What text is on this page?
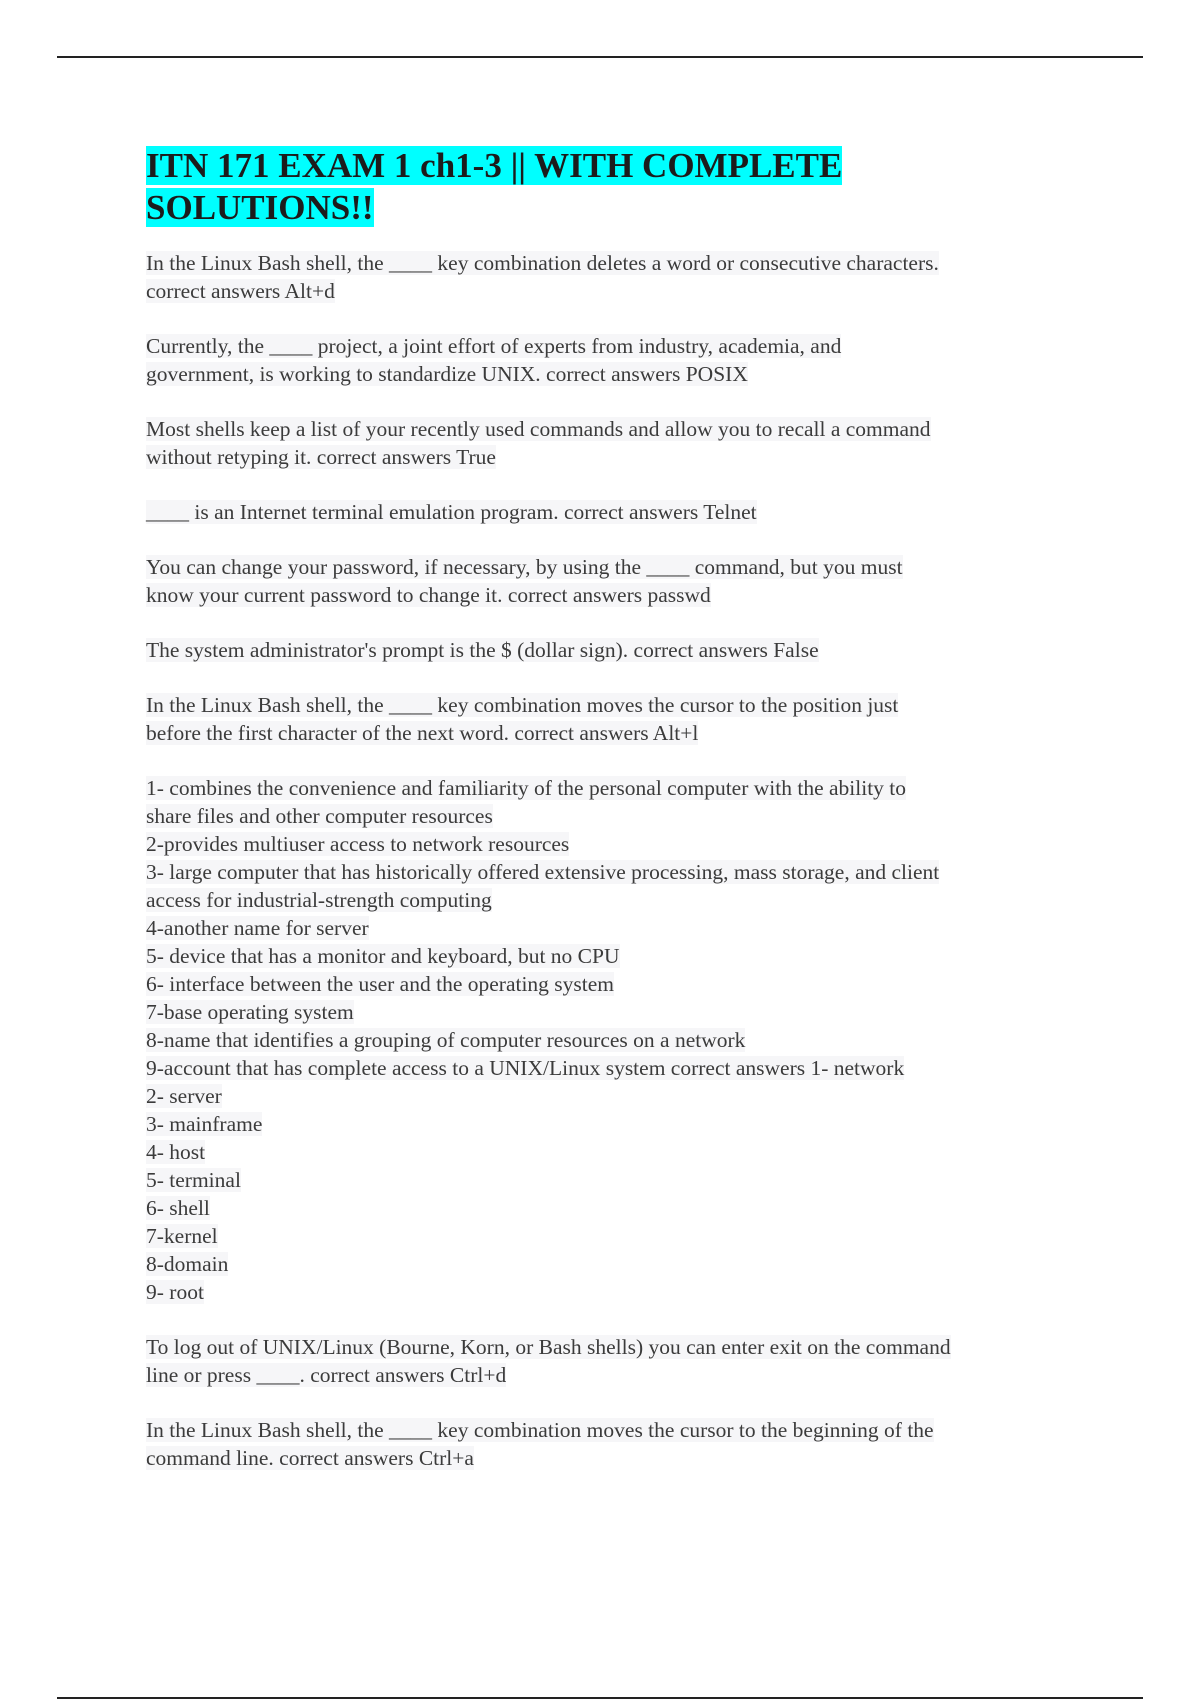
ITN 171 EXAM 1 ch1-3 || WITH COMPLETE
SOLUTIONS!!
In the Linux Bash shell, the ____ key combination deletes a word or consecutive characters.
correct answers Alt+d
Currently, the ____ project, a joint effort of experts from industry, academia, and
government, is working to standardize UNIX. correct answers POSIX
Most shells keep a list of your recently used commands and allow you to recall a command
without retyping it. correct answers True
____ is an Internet terminal emulation program. correct answers Telnet
You can change your password, if necessary, by using the ____ command, but you must
know your current password to change it. correct answers passwd
The system administrator's prompt is the $ (dollar sign). correct answers False
In the Linux Bash shell, the ____ key combination moves the cursor to the position just
before the first character of the next word. correct answers Alt+l
1- combines the convenience and familiarity of the personal computer with the ability to
share files and other computer resources
2-provides multiuser access to network resources
3- large computer that has historically offered extensive processing, mass storage, and client
access for industrial-strength computing
4-another name for server
5- device that has a monitor and keyboard, but no CPU
6- interface between the user and the operating system
7-base operating system
8-name that identifies a grouping of computer resources on a network
9-account that has complete access to a UNIX/Linux system correct answers 1- network
2- server
3- mainframe
4- host
5- terminal
6- shell
7-kernel
8-domain
9- root
To log out of UNIX/Linux (Bourne, Korn, or Bash shells) you can enter exit on the command
line or press ____. correct answers Ctrl+d
In the Linux Bash shell, the ____ key combination moves the cursor to the beginning of the
command line. correct answers Ctrl+a
